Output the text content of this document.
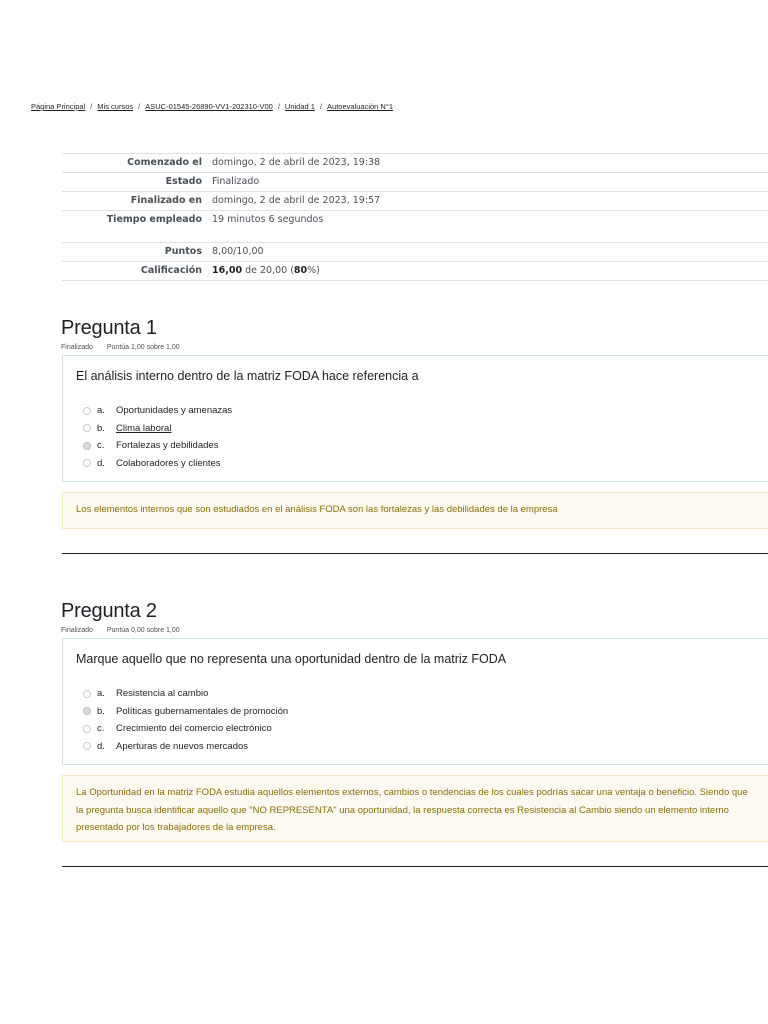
Página Principal / Mis cursos / ASUC-01545-26890-VV1-202310-V00 / Unidad 1 / Autoevaluación N°1
Comenzado el	domingo, 2 de abril de 2023, 19:38
Estado	Finalizado
Finalizado en	domingo, 2 de abril de 2023, 19:57
Tiempo empleado	19 minutos 6 segundos
Puntos	8,00/10,00
Calificación	16,00 de 20,00 (80%)
Pregunta 1
Finalizado Puntúa 1,00 sobre 1,00
El análisis interno dentro de la matriz FODA hace referencia a
a.	Oportunidades y amenazas
b.	Clima laboral
c.	Fortalezas y debilidades
d.	Colaboradores y clientes
Los elementos internos que son estudiados en el análisis FODA son las fortalezas y las debilidades de la empresa
Pregunta 2
Finalizado Puntúa 0,00 sobre 1,00
Marque aquello que no representa una oportunidad dentro de la matriz FODA
a.	Resistencia al cambio
b.	Políticas gubernamentales de promoción
c.	Crecimiento del comercio electrónico
d.	Aperturas de nuevos mercados
La Oportunidad en la matriz FODA estudia aquellos elementos externos, cambios o tendencias de los cuales podrías sacar una ventaja o beneficio. Siendo que la pregunta busca identificar aquello que "NO REPRESENTA" una oportunidad, la respuesta correcta es Resistencia al Cambio siendo un elemento interno presentado por los trabajadores de la empresa.
